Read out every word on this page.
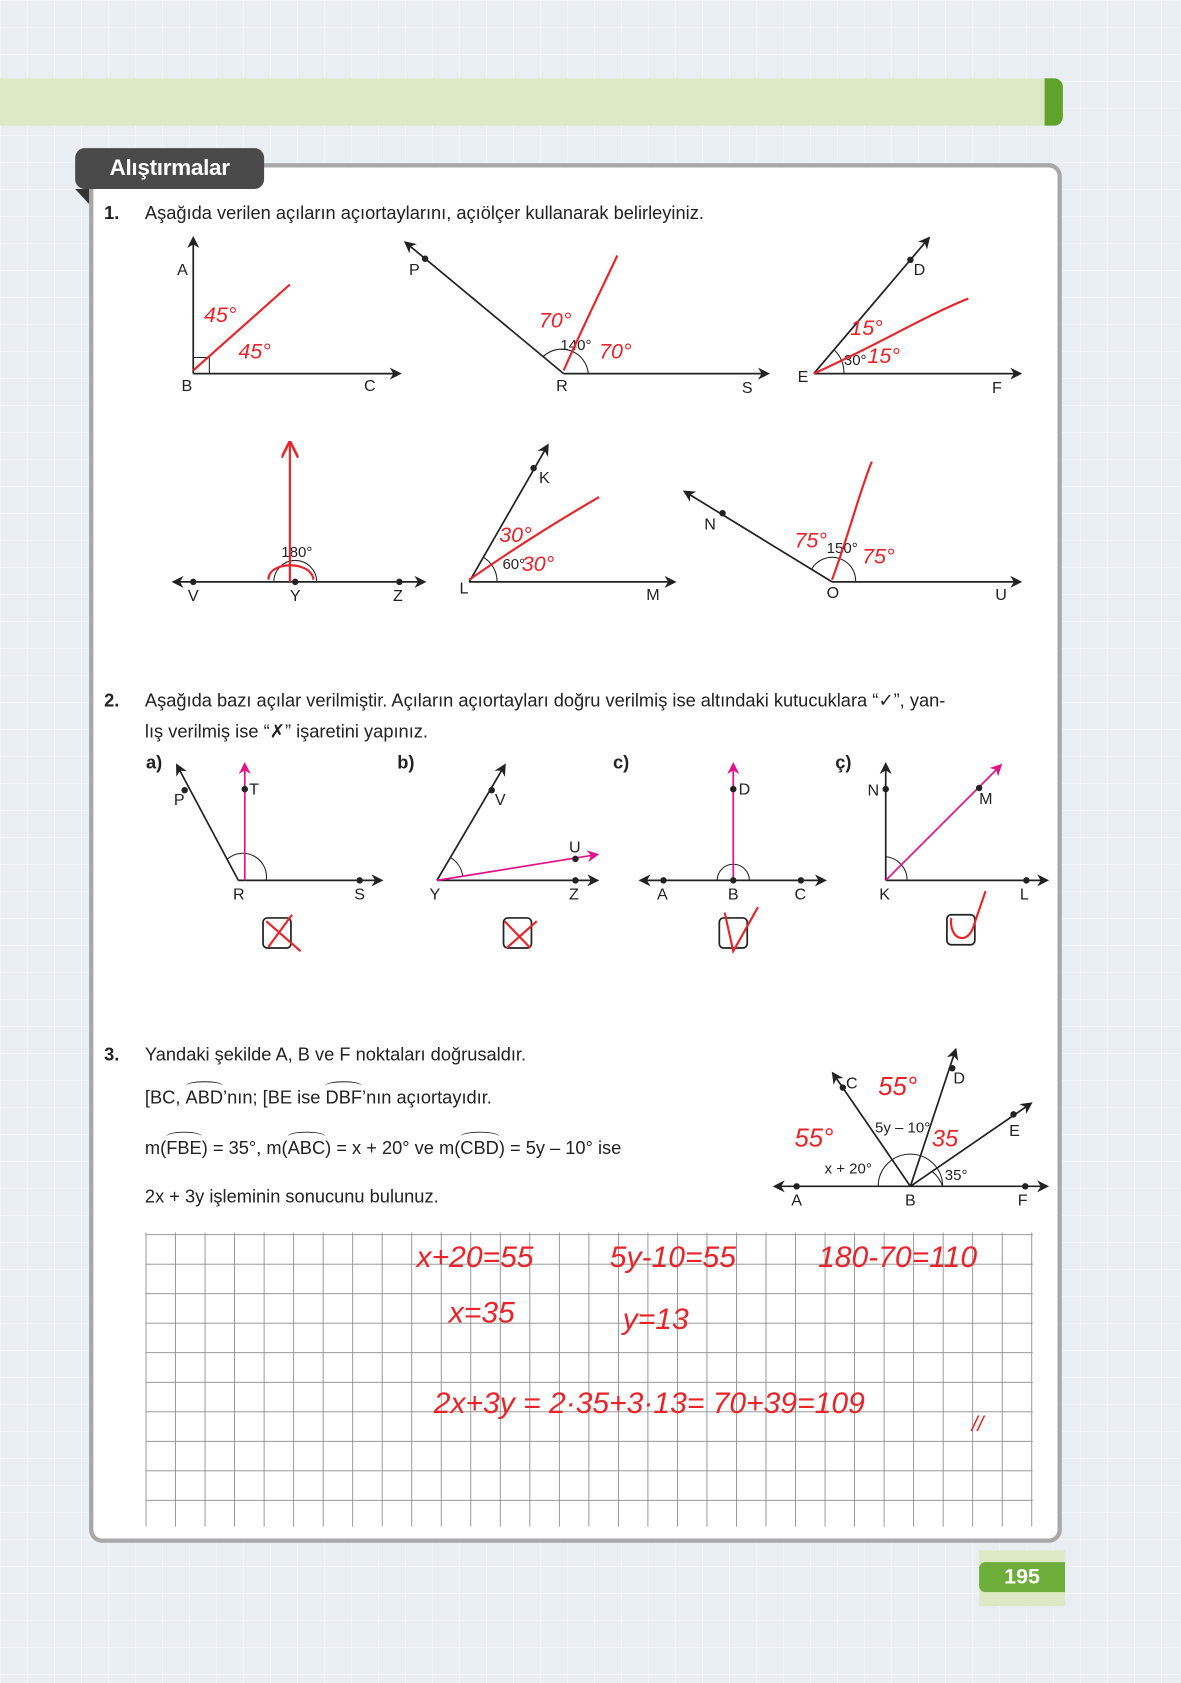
Alıştırmalar
1. Aşağıda verilen açıların açıortaylarını, açıölçer kullanarak belirleyiniz.
2. Aşağıda bazı açılar verilmiştir. Açıların açıortayları doğru verilmiş ise altındaki kutucuklara “✓”, yan-
lış verilmiş ise “✗” işaretini yapınız.
a)	b)	c)	ç)
3. Yandaki şekilde A, B ve F noktaları doğrusaldır.
[BC, ABD’nın; [BE ise DBF’nın açıortayıdır.
m(FBE) = 35°, m(ABC) = x + 20° ve m(CBD) = 5y – 10° ise
2x + 3y işleminin sonucunu bulunuz.
195
A
B	C
P
R	S
140°
D
E
F
30°
V	Y	Z
180°
K
L	M
60°
N
O	U
150°
P
T
R	S
V
U
Y	Z
D
A	B	C
N	M
K	L
A	B	F
C	D
E
x + 20°
5y – 10°
35°
45°
45°
70°
70°
15°
15°
30°
30°
75°
75°
55°
55°
35
x+20=55	5y-10=55	180-70=110
x=35	y=13
2x+3y = 2·35+3·13= 70+39=109
//
